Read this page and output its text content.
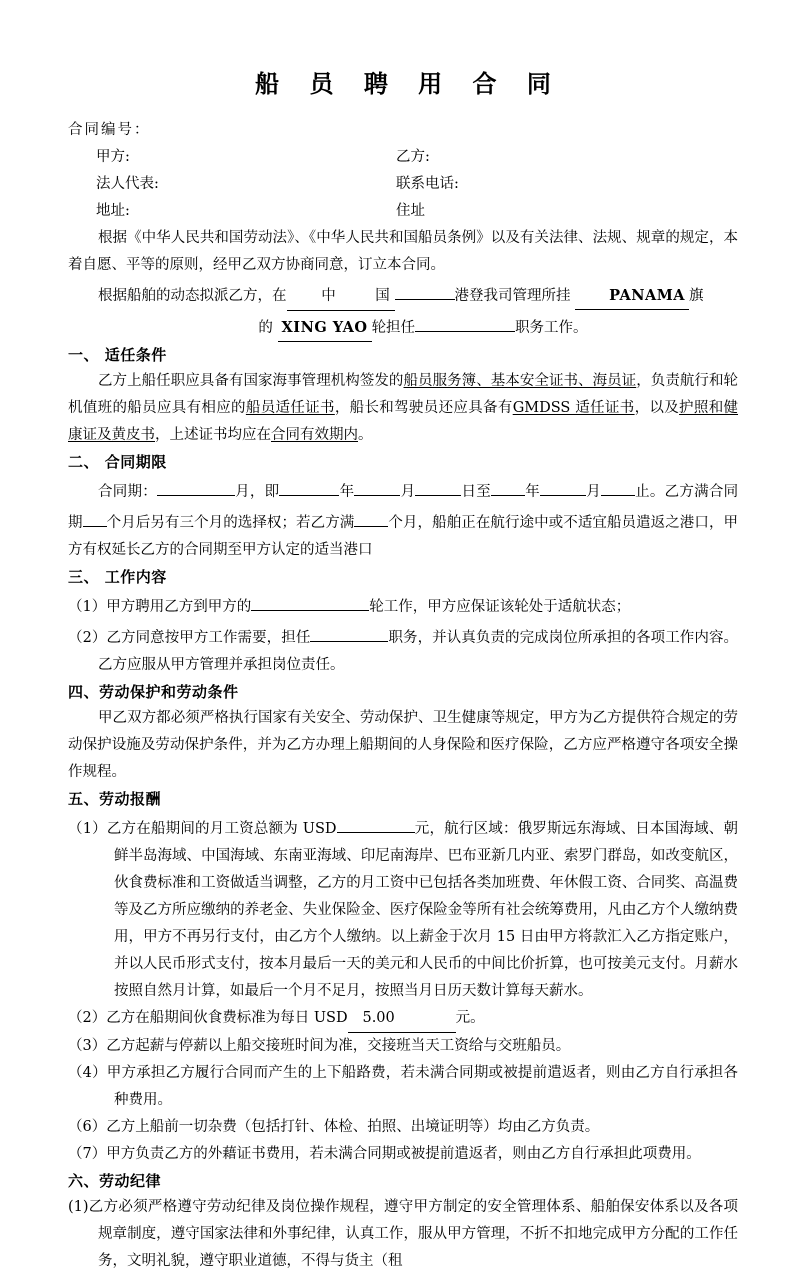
船 员 聘 用 合 同
合同编号：
甲方:	乙方:
法人代表:	联系电话:
地址:	住址

根据《中华人民共和国劳动法》、《中华人民共和国船员条例》以及有关法律、法规、规章的规定，本着自愿、平等的原则，经甲乙双方协商同意，订立本合同。

根据船舶的动态拟派乙方，在 中	国	港登我司管理所挂	PANAMA 旗

的 XING YAO 轮担任	职务工作。

一、 适任条件

乙方上船任职应具备有国家海事管理机构签发的船员服务簿、基本安全证书、海员证，负责航行和轮机值班的船员应具有相应的船员适任证书，船长和驾驶员还应具备有GMDSS 适任证书，以及护照和健康证及黄皮书，上述证书均应在合同有效期内。

二、 合同期限

合同期：	月，即	年	月	日至 年	月 止。乙方满合同期 个月后另有三个月的选择权；若乙方满 个月，船舶正在航行途中或不适宜船员遣返之港口，甲方有权延长乙方的合同期至甲方认定的适当港口

三、 工作内容

（1）甲方聘用乙方到甲方的	轮工作，甲方应保证该轮处于适航状态；

（2）乙方同意按甲方工作需要，担任	职务，并认真负责的完成岗位所承担的各项工作内容。乙方应服从甲方管理并承担岗位责任。

四、劳动保护和劳动条件

甲乙双方都必须严格执行国家有关安全、劳动保护、卫生健康等规定，甲方为乙方提供符合规定的劳动保护设施及劳动保护条件，并为乙方办理上船期间的人身保险和医疗保险，乙方应严格遵守各项安全操作规程。

五、劳动报酬

（1）乙方在船期间的月工资总额为 USD	元，航行区域：俄罗斯远东海域、日本国海域、朝鲜半岛海域、中国海域、东南亚海域、印尼南海岸、巴布亚新几内亚、索罗门群岛，如改变航区，伙食费标准和工资做适当调整，乙方的月工资中已包括各类加班费、年休假工资、合同奖、高温费等及乙方所应缴纳的养老金、失业保险金、医疗保险金等所有社会统筹费用，凡由乙方个人缴纳费用，甲方不再另行支付，由乙方个人缴纳。以上薪金于次月 15 日由甲方将款汇入乙方指定账户，并以人民币形式支付，按本月最后一天的美元和人民币的中间比价折算，也可按美元支付。月薪水按照自然月计算，如最后一个月不足月，按照当月日历天数计算每天薪水。

（2）乙方在船期间伙食费标准为每日 USD 5.00	元。

（3）乙方起薪与停薪以上船交接班时间为准，交接班当天工资给与交班船员。

（4）甲方承担乙方履行合同而产生的上下船路费，若未满合同期或被提前遣返者，则由乙方自行承担各种费用。

（6）乙方上船前一切杂费（包括打针、体检、拍照、出境证明等）均由乙方负责。

（7）甲方负责乙方的外藉证书费用，若未满合同期或被提前遣返者，则由乙方自行承担此项费用。

六、劳动纪律

(1)乙方必须严格遵守劳动纪律及岗位操作规程，遵守甲方制定的安全管理体系、船舶保安体系以及各项规章制度，遵守国家法律和外事纪律，认真工作，服从甲方管理，不折不扣地完成甲方分配的工作任务，文明礼貌，遵守职业道德，不得与货主（租
